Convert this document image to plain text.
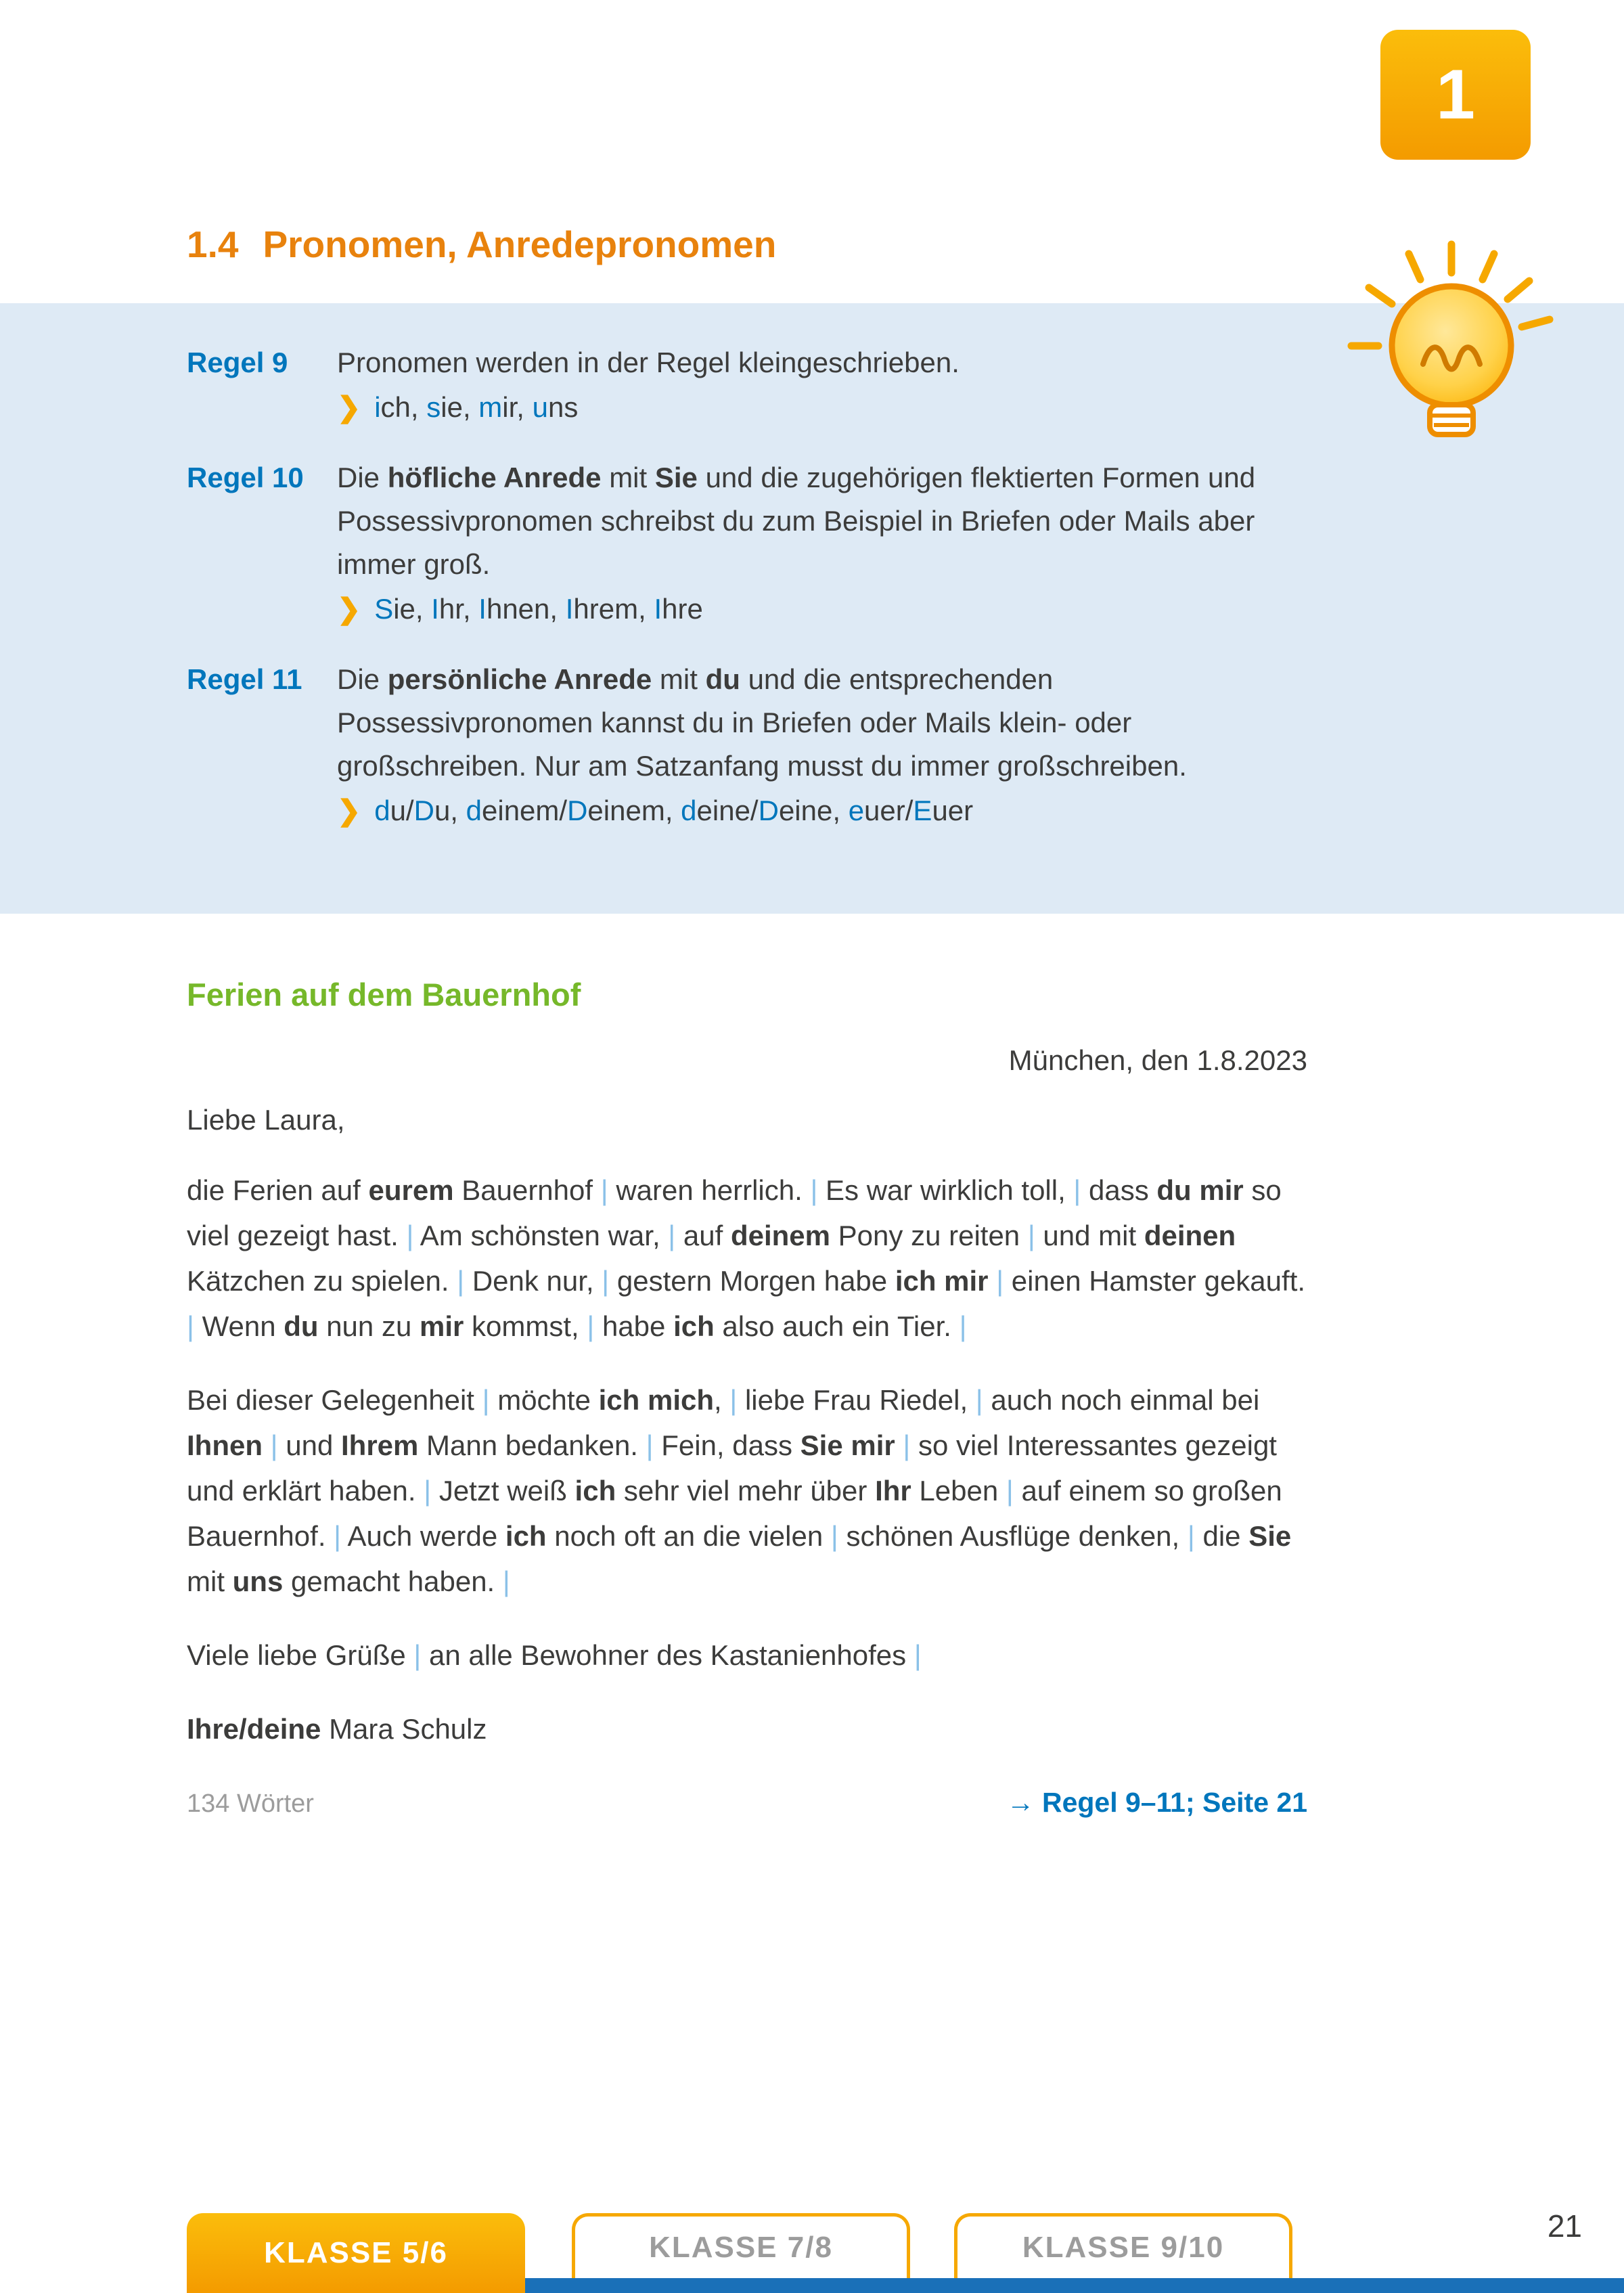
1
1.4 Pronomen, Anredepronomen
Regel 9	Pronomen werden in der Regel kleingeschrieben.
❯ ich, sie, mir, uns
Regel 10	Die höfliche Anrede mit Sie und die zugehörigen flektierten Formen und Possessivpronomen schreibst du zum Beispiel in Briefen oder Mails aber immer groß.
❯ Sie, Ihr, Ihnen, Ihrem, Ihre
Regel 11	Die persönliche Anrede mit du und die entsprechenden Possessivpronomen kannst du in Briefen oder Mails klein- oder großschreiben. Nur am Satzanfang musst du immer großschreiben.
❯ du/Du, deinem/Deinem, deine/Deine, euer/Euer
Ferien auf dem Bauernhof

München, den 1.8.2023

Liebe Laura,

die Ferien auf eurem Bauernhof | waren herrlich. | Es war wirklich toll, | dass du mir so viel gezeigt hast. | Am schönsten war, | auf deinem Pony zu reiten | und mit deinen Kätzchen zu spielen. | Denk nur, | gestern Morgen habe ich mir | einen Hamster gekauft. | Wenn du nun zu mir kommst, | habe ich also auch ein Tier. |

Bei dieser Gelegenheit | möchte ich mich, | liebe Frau Riedel, | auch noch einmal bei Ihnen | und Ihrem Mann bedanken. | Fein, dass Sie mir | so viel Interessantes gezeigt und erklärt haben. | Jetzt weiß ich sehr viel mehr über Ihr Leben | auf einem so großen Bauernhof. | Auch werde ich noch oft an die vielen | schönen Ausflüge denken, | die Sie mit uns gemacht haben. |

Viele liebe Grüße | an alle Bewohner des Kastanienhofes |

Ihre/deine Mara Schulz

134 Wörter	→ Regel 9–11; Seite 21
KLASSE 5/6	KLASSE 7/8	KLASSE 9/10
21
